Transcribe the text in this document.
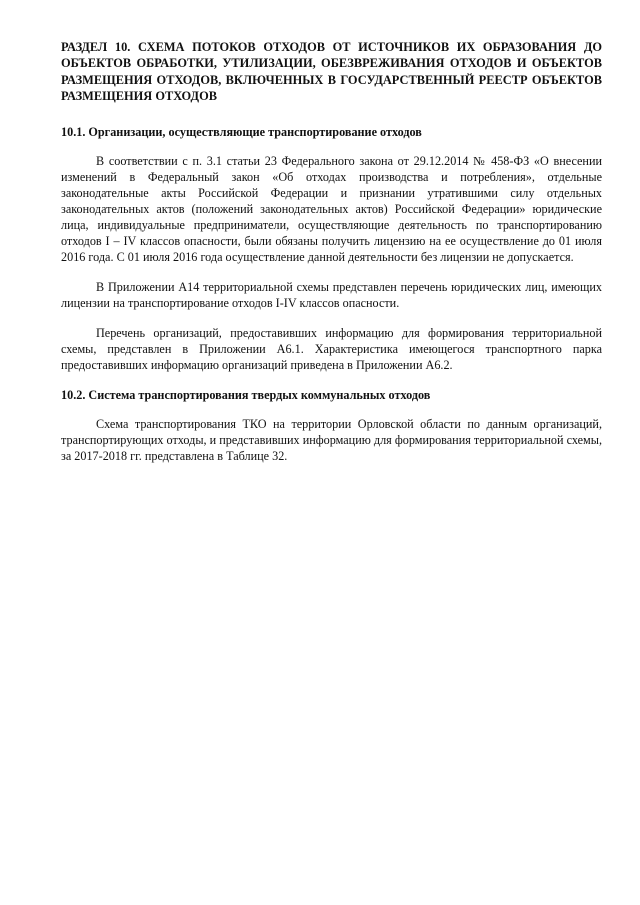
РАЗДЕЛ 10. СХЕМА ПОТОКОВ ОТХОДОВ ОТ ИСТОЧНИКОВ ИХ ОБРАЗОВАНИЯ ДО ОБЪЕКТОВ ОБРАБОТКИ, УТИЛИЗАЦИИ, ОБЕЗВРЕЖИВАНИЯ ОТХОДОВ И ОБЪЕКТОВ РАЗМЕЩЕНИЯ ОТХОДОВ, ВКЛЮЧЕННЫХ В ГОСУДАРСТВЕННЫЙ РЕЕСТР ОБЪЕКТОВ РАЗМЕЩЕНИЯ ОТХОДОВ
10.1. Организации, осуществляющие транспортирование отходов

В соответствии с п. 3.1 статьи 23 Федерального закона от 29.12.2014 № 458-ФЗ «О внесении изменений в Федеральный закон «Об отходах производства и потребления», отдельные законодательные акты Российской Федерации и признании утратившими силу отдельных законодательных актов (положений законодательных актов) Российской Федерации» юридические лица, индивидуальные предприниматели, осуществляющие деятельность по транспортированию отходов I – IV классов опасности, были обязаны получить лицензию на ее осуществление до 01 июля 2016 года. С 01 июля 2016 года осуществление данной деятельности без лицензии не допускается.

В Приложении А14 территориальной схемы представлен перечень юридических лиц, имеющих лицензии на транспортирование отходов I-IV классов опасности.

Перечень организаций, предоставивших информацию для формирования территориальной схемы, представлен в Приложении А6.1. Характеристика имеющегося транспортного парка предоставивших информацию организаций приведена в Приложении А6.2.

10.2. Система транспортирования твердых коммунальных отходов

Схема транспортирования ТКО на территории Орловской области по данным организаций, транспортирующих отходы, и представивших информацию для формирования территориальной схемы, за 2017-2018 гг. представлена в Таблице 32.
